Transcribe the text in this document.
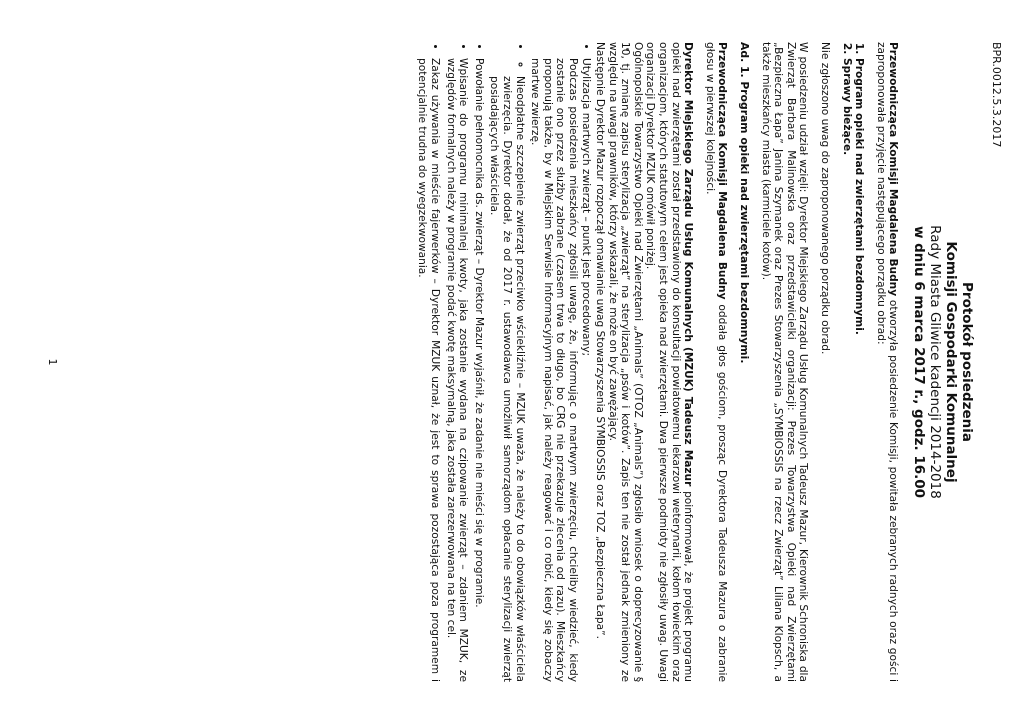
BPR.0012.5.3.2017

Protokół posiedzenia

Komisji Gospodarki Komunalnej

Rady Miasta Gliwice kadencji 2014-2018

w dniu 6 marca 2017 r., godz. 16.00

Przewodnicząca Komisji Magdalena Budny otworzyła posiedzenie Komisji, powitała zebranych radnych oraz gości i zaproponowała przyjęcie następującego porządku obrad:

1. Program opieki nad zwierzętami bezdomnymi.
2. Sprawy bieżące.

Nie zgłoszono uwag do zaproponowanego porządku obrad.

W posiedzeniu udział wzięli: Dyrektor Miejskiego Zarządu Usług Komunalnych Tadeusz Mazur, Kierownik Schroniska dla Zwierząt Barbara Malinowska oraz przedstawicielki organizacji: Prezes Towarzystwa Opieki nad Zwierzętami „Bezpieczna Łapa” Janina Szymanek oraz Prezes Stowarzyszenia „SYMBIOSSIS na rzecz Zwierząt” Liliana Klopsch, a także mieszkańcy miasta (karmiciele kotów).

Ad. 1. Program opieki nad zwierzętami bezdomnymi.

Przewodnicząca Komisji Magdalena Budny oddała głos gościom, prosząc Dyrektora Tadeusza Mazura o zabranie głosu w pierwszej kolejności.

Dyrektor Miejskiego Zarządu Usług Komunalnych (MZUK) Tadeusz Mazur poinformował, że projekt programu opieki nad zwierzętami został przedstawiony do konsultacji powiatowemu lekarzowi weterynarii, kołom łowieckim oraz organizacjom, których statutowym celem jest opieka nad zwierzętami. Dwa pierwsze podmioty nie zgłosiły uwag. Uwagi organizacji Dyrektor MZUK omówił poniżej.

Ogólnopolskie Towarzystwo Opieki nad Zwierzętami „Animals” (OTOZ „Animals”) zgłosiło wniosek o doprecyzowanie § 10, tj. zmianę zapisu sterylizacja „zwierząt” na sterylizacja „psów i kotów”. Zapis ten nie został jednak zmieniony ze względu na uwagi prawników, którzy wskazali, że może on być zawężający.

Następnie Dyrektor Mazur rozpoczął omawianie uwag Stowarzyszenia SYMBIOSSIS oraz TOZ „Bezpieczna Łapa”.

• Utylizacja martwych zwierząt – punkt jest procedowany;
Podczas posiedzenia mieszkańcy zgłosili uwagę, że, informując o martwym zwierzęciu, chcieliby wiedzieć, kiedy zostanie ono przez służby zabrane (czasem trwa to długo, bo CRG nie przekazuje zlecenia od razu). Mieszkańcy proponują także, by w Miejskim Serwisie Informacyjnym napisać, jak należy reagować i co robić, kiedy się zobaczy martwe zwierzę.
◦ • Nieodpłatne szczepienie zwierząt przeciwko wściekliźnie – MZUK uważa, że należy to do obowiązków właściciela zwierzęcia. Dyrektor dodał, że od 2017 r. ustawodawca umożliwił samorządom opłacanie sterylizacji zwierząt posiadających właściciela.
• Powołanie pełnomocnika ds. zwierząt – Dyrektor Mazur wyjaśnił, że zadanie nie mieści się w programie.
• Wpisanie do programu minimalnej kwoty, jaka zostanie wydana na czipowanie zwierząt – zdaniem MZUK, ze względów formalnych należy w programie podać kwotę maksymalną, jaka została zarezerwowana na ten cel.
• Zakaz używania w mieście fajerwerków – Dyrektor MZUK uznał, że jest to sprawa pozostająca poza programem i potencjalnie trudna do wyegzekwowania.
1
